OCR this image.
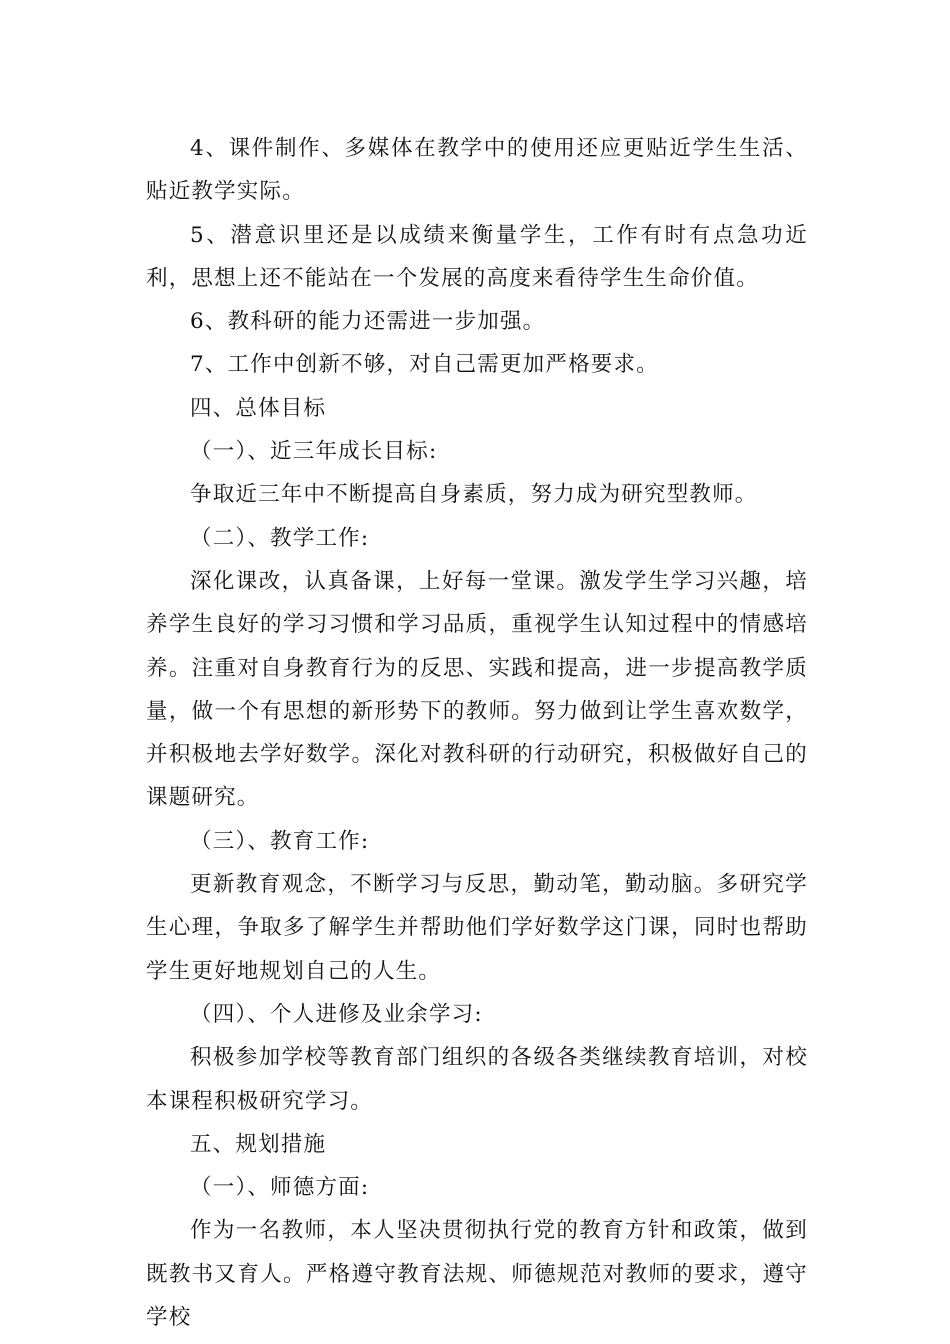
4、课件制作、多媒体在教学中的使用还应更贴近学生生活、贴近教学实际。

5、潜意识里还是以成绩来衡量学生，工作有时有点急功近利，思想上还不能站在一个发展的高度来看待学生生命价值。

6、教科研的能力还需进一步加强。

7、工作中创新不够，对自己需更加严格要求。

四、总体目标

（一）、近三年成长目标:

争取近三年中不断提高自身素质，努力成为研究型教师。

（二）、教学工作:

深化课改，认真备课，上好每一堂课。激发学生学习兴趣，培养学生良好的学习习惯和学习品质，重视学生认知过程中的情感培养。注重对自身教育行为的反思、实践和提高，进一步提高教学质量，做一个有思想的新形势下的教师。努力做到让学生喜欢数学，并积极地去学好数学。深化对教科研的行动研究，积极做好自己的课题研究。

（三）、教育工作:

更新教育观念，不断学习与反思，勤动笔，勤动脑。多研究学生心理，争取多了解学生并帮助他们学好数学这门课，同时也帮助学生更好地规划自己的人生。

（四）、个人进修及业余学习:

积极参加学校等教育部门组织的各级各类继续教育培训，对校本课程积极研究学习。

五、规划措施

（一）、师德方面:

作为一名教师，本人坚决贯彻执行党的教育方针和政策，做到既教书又育人。严格遵守教育法规、师德规范对教师的要求，遵守学校
